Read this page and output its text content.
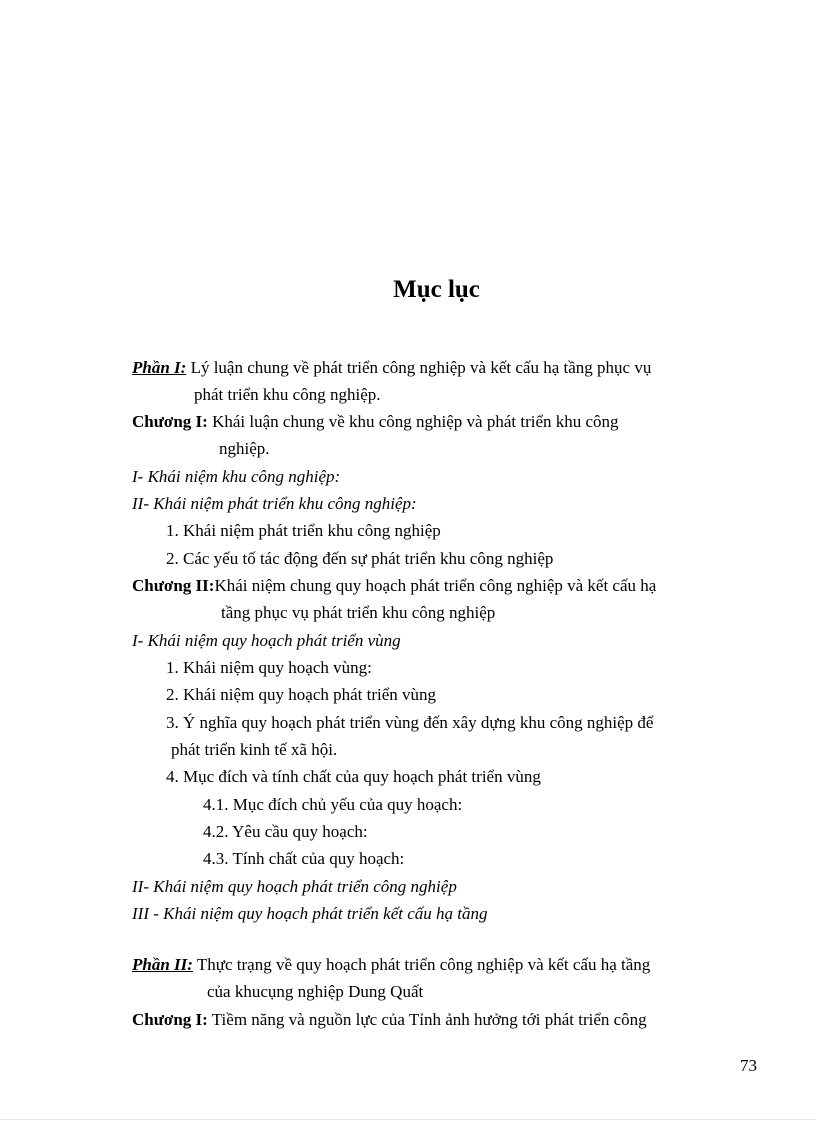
Mục lục
Phần I: Lý luận chung về phát triển công nghiệp và kết cấu hạ tầng phục vụ
phát triển khu công nghiệp.
Chương I: Khái luận chung về khu công nghiệp và phát triển khu công
nghiệp.
I- Khái niệm khu công nghiệp:
II- Khái niệm phát triển khu công nghiệp:
1. Khái niệm phát triển khu công nghiệp
2. Các yếu tố tác động đến sự phát triển khu công nghiệp
Chương II:Khái niệm chung quy hoạch phát triển công nghiệp và kết cấu hạ
tầng phục vụ phát triển khu công nghiệp
I- Khái niệm quy hoạch phát triển vùng
1. Khái niệm quy hoạch vùng:
2. Khái niệm quy hoạch phát triển vùng
3. Ý nghĩa quy hoạch phát triển vùng đến xây dựng khu công nghiệp để
phát triển kinh tế xã hội.
4. Mục đích và tính chất của quy hoạch phát triển vùng
4.1. Mục đích chủ yếu của quy hoạch:
4.2. Yêu cầu quy hoạch:
4.3. Tính chất của quy hoạch:
II- Khái niệm quy hoạch phát triển công nghiệp
III - Khái niệm quy hoạch phát triển kết cấu hạ tầng
Phần II: Thực trạng về quy hoạch phát triển công nghiệp và kết cấu hạ tầng
của khucụng nghiệp Dung Quất
Chương I: Tiềm năng và nguồn lực của Tỉnh ảnh hưởng tới phát triển công
73
